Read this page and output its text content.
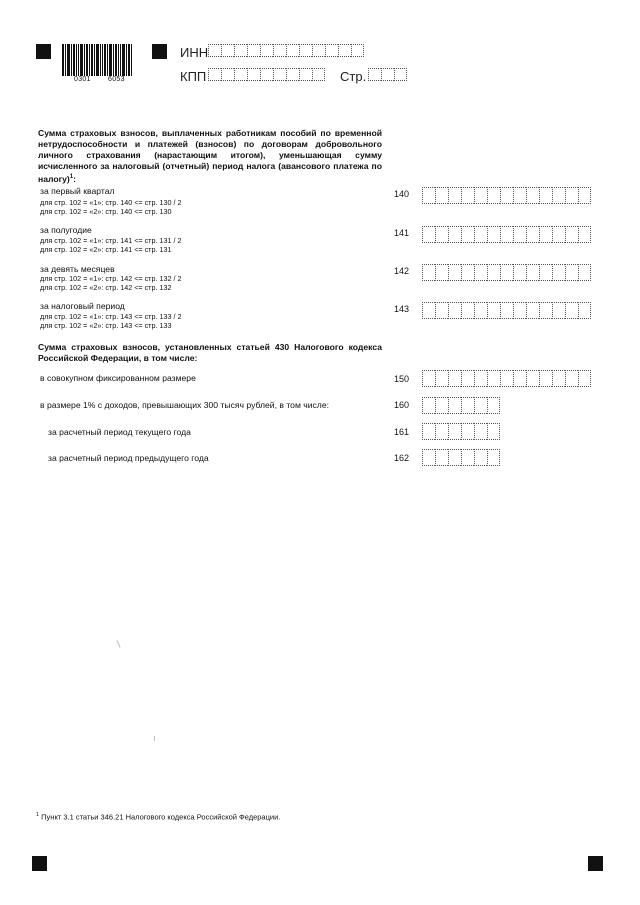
0301 6053
ИНН
КПП	Стр.
Сумма страховых взносов, выплаченных работникам пособий по временной нетрудоспособности и платежей (взносов) по договорам добровольного личного страхования (нарастающим итогом), уменьшающая сумму исчисленного за налоговый (отчетный) период налога (авансового платежа по налогу)$^1$:
за первый квартал
для стр. 102 = «1»: стр. 140 <= стр. 130 / 2
для стр. 102 = «2»: стр. 140 <= стр. 130
140
за полугодие
для стр. 102 = «1»: стр. 141 <= стр. 131 / 2
для стр. 102 = «2»: стр. 141 <= стр. 131
141
за девять месяцев
для стр. 102 = «1»: стр. 142 <= стр. 132 / 2
для стр. 102 = «2»: стр. 142 <= стр. 132
142
за налоговый период
для стр. 102 = «1»: стр. 143 <= стр. 133 / 2
для стр. 102 = «2»: стр. 143 <= стр. 133
143
Сумма страховых взносов, установленных статьей 430 Налогового кодекса Российской Федерации, в том числе:
в совокупном фиксированном размере	150
в размере 1% с доходов, превышающих 300 тысяч рублей, в том числе:	160
за расчетный период текущего года	161
за расчетный период предыдущего года	162
$^1$ Пункт 3.1 статьи 346.21 Налогового кодекса Российской Федерации.
